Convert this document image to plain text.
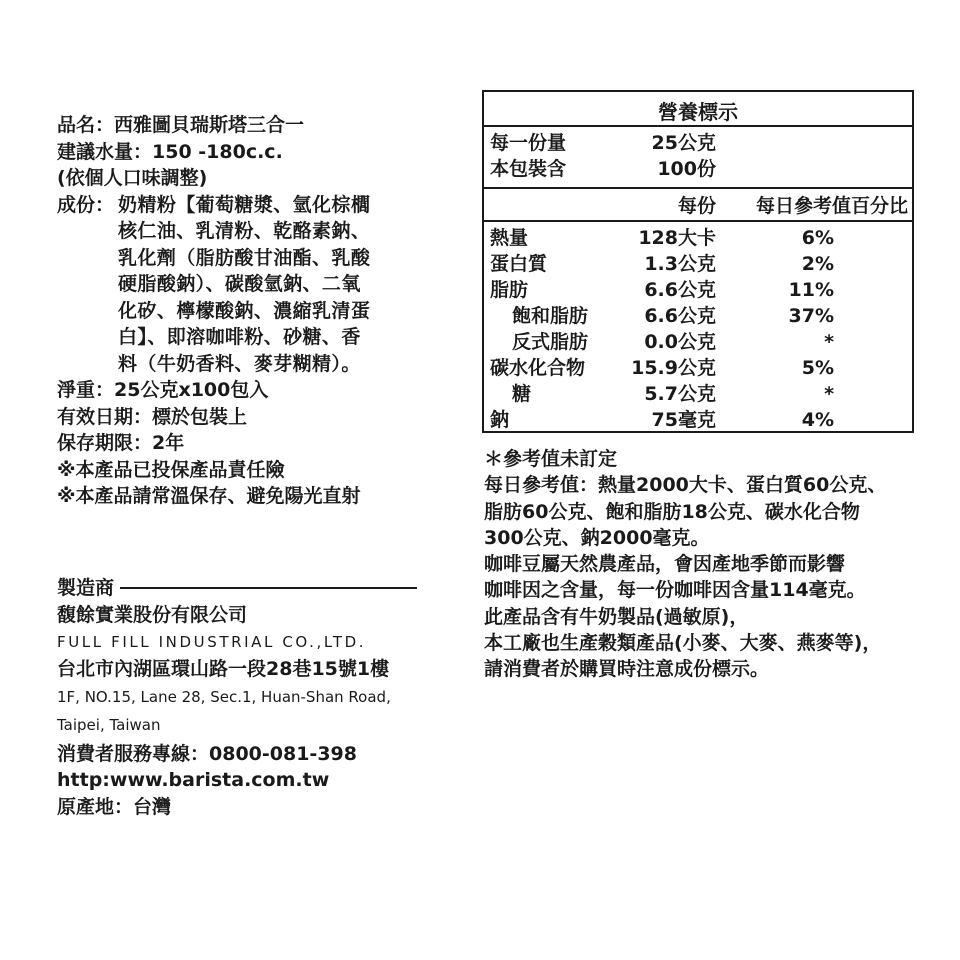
品名：西雅圖貝瑞斯塔三合一
建議水量：150 -180c.c.
(依個人口味調整)
成份： 奶精粉【葡萄糖漿、氫化棕櫚
核仁油、乳清粉、乾酪素鈉、
乳化劑（脂肪酸甘油酯、乳酸
硬脂酸鈉）、碳酸氫鈉、二氧
化矽、檸檬酸鈉、濃縮乳清蛋
白】、即溶咖啡粉、砂糖、香
料（牛奶香料、麥芽糊精）。
淨重：25公克x100包入
有效日期：標於包裝上
保存期限：2年
※本產品已投保產品責任險
※本產品請常溫保存、避免陽光直射
製造商
馥餘實業股份有限公司
FULL FILL INDUSTRIAL CO.,LTD.
台北市內湖區環山路一段28巷15號1樓
1F, NO.15, Lane 28, Sec.1, Huan-Shan Road,
Taipei, Taiwan
消費者服務專線：0800-081-398
http:www.barista.com.tw
原產地：台灣
營養標示
每一份量	25公克
本包裝含	100份
每份 每日參考值百分比
熱量	128大卡	6%
蛋白質	1.3公克	2%
脂肪	6.6公克	11%
飽和脂肪	6.6公克	37%
反式脂肪	0.0公克	*
碳水化合物 15.9公克	5%
糖	5.7公克	*
鈉	75毫克	4%
＊參考值未訂定
每日參考值：熱量2000大卡、蛋白質60公克、
脂肪60公克、飽和脂肪18公克、碳水化合物
300公克、鈉2000毫克。
咖啡豆屬天然農產品，會因產地季節而影響
咖啡因之含量，每一份咖啡因含量114毫克。
此產品含有牛奶製品(過敏原)，
本工廠也生產穀類產品(小麥、大麥、燕麥等)，
請消費者於購買時注意成份標示。
